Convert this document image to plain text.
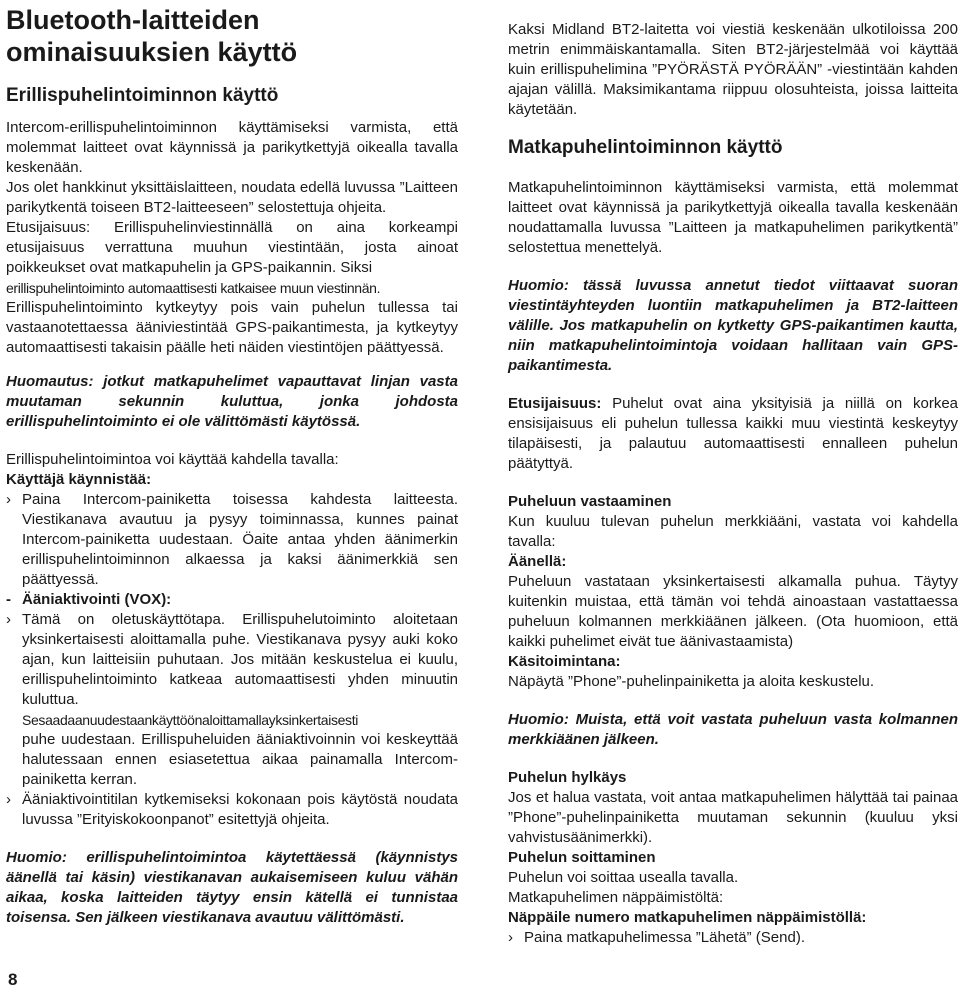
Bluetooth-laitteiden ominaisuuksien käyttö
Erillispuhelintoiminnon käyttö

Intercom-erillispuhelintoiminnon käyttämiseksi varmista, että molemmat laitteet ovat käynnissä ja parikytkettyjä oikealla tavalla keskenään.

Jos olet hankkinut yksittäislaitteen, noudata edellä luvussa ”Laitteen parikytkentä toiseen BT2-laitteeseen” selostettuja ohjeita.

Etusijaisuus: Erillispuhelinviestinnällä on aina korkeampi etusijaisuus verrattuna muuhun viestintään, josta ainoat poikkeukset ovat matkapuhelin ja GPS-paikannin. Siksi

erillispuhelintoiminto automaattisesti katkaisee muun viestinnän.

Erillispuhelintoiminto kytkeytyy pois vain puhelun tullessa tai vastaanotettaessa ääniviestintää GPS-paikantimesta, ja kytkeytyy automaattisesti takaisin päälle heti näiden viestintöjen päättyessä.

Huomautus: jotkut matkapuhelimet vapauttavat linjan vasta muutaman sekunnin kuluttua, jonka johdosta erillispuhelintoiminto ei ole välittömästi käytössä.

Erillispuhelintoimintoa voi käyttää kahdella tavalla:

Käyttäjä käynnistää:

› Paina Intercom-painiketta toisessa kahdesta laitteesta. Viestikanava avautuu ja pysyy toiminnassa, kunnes painat Intercom-painiketta uudestaan. Öaite antaa yhden äänimerkin erillispuhelintoiminnon alkaessa ja kaksi äänimerkkiä sen päättyessä.
- Ääniaktivointi (VOX):
› Tämä on oletuskäyttötapa. Erillispuhelutoiminto aloitetaan yksinkertaisesti aloittamalla puhe. Viestikanava pysyy auki koko ajan, kun laitteisiin puhutaan. Jos mitään keskustelua ei kuulu, erillispuhelintoiminto katkeaa automaattisesti yhden minuutin kuluttua.
Sesaadaanuudestaankäyttöönaloittamallayksinkertaisesti
puhe uudestaan. Erillispuheluiden ääniaktivoinnin voi keskeyttää halutessaan ennen esiasetettua aikaa painamalla Intercom-painiketta kerran.
› Ääniaktivointitilan kytkemiseksi kokonaan pois käytöstä noudata luvussa ”Erityiskokoonpanot” esitettyjä ohjeita.

Huomio: erillispuhelintoimintoa käytettäessä (käynnistys äänellä tai käsin) viestikanavan aukaisemiseen kuluu vähän aikaa, koska laitteiden täytyy ensin kätellä ei tunnistaa toisensa. Sen jälkeen viestikanava avautuu välittömästi.

Kaksi Midland BT2-laitetta voi viestiä keskenään ulkotiloissa 200 metrin enimmäiskantamalla. Siten BT2-järjestelmää voi käyttää kuin erillispuhelimina ”PYÖRÄSTÄ PYÖRÄÄN” -viestintään kahden ajajan välillä. Maksimikantama riippuu olosuhteista, joissa laitteita käytetään.

Matkapuhelintoiminnon käyttö

Matkapuhelintoiminnon käyttämiseksi varmista, että molemmat laitteet ovat käynnissä ja parikytkettyjä oikealla tavalla keskenään noudattamalla luvussa ”Laitteen ja matkapuhelimen parikytkentä” selostettua menettelyä.

Huomio: tässä luvussa annetut tiedot viittaavat suoran viestintäyhteyden luontiin matkapuhelimen ja BT2-laitteen välille. Jos matkapuhelin on kytketty GPS-paikantimen kautta, niin matkapuhelintoimintoja voidaan hallitaan vain GPS-paikantimesta.

Etusijaisuus: Puhelut ovat aina yksityisiä ja niillä on korkea ensisijaisuus eli puhelun tullessa kaikki muu viestintä keskeytyy tilapäisesti, ja palautuu automaattisesti ennalleen puhelun päätyttyä.

Puheluun vastaaminen

Kun kuuluu tulevan puhelun merkkiääni, vastata voi kahdella tavalla:

Äänellä:

Puheluun vastataan yksinkertaisesti alkamalla puhua. Täytyy kuitenkin muistaa, että tämän voi tehdä ainoastaan vastattaessa puheluun kolmannen merkkiäänen jälkeen. (Ota huomioon, että kaikki puhelimet eivät tue äänivastaamista)

Käsitoimintana:

Näpäytä ”Phone”-puhelinpainiketta ja aloita keskustelu.

Huomio: Muista, että voit vastata puheluun vasta kolmannen merkkiäänen jälkeen.

Puhelun hylkäys

Jos et halua vastata, voit antaa matkapuhelimen hälyttää tai painaa ”Phone”-puhelinpainiketta muutaman sekunnin (kuuluu yksi vahvistusäänimerkki).

Puhelun soittaminen

Puhelun voi soittaa usealla tavalla.

Matkapuhelimen näppäimistöltä:

Näppäile numero matkapuhelimen näppäimistöllä:

› Paina matkapuhelimessa ”Lähetä” (Send).
8
